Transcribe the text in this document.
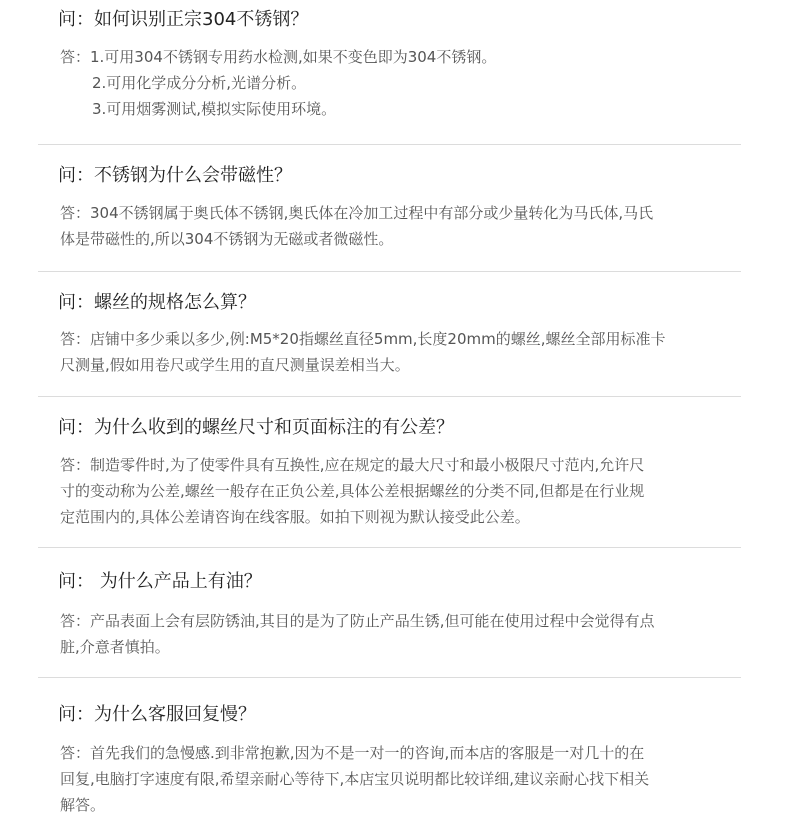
问：如何识别正宗304不锈钢？
答：1.可用304不锈钢专用药水检测,如果不变色即为304不锈钢。
2.可用化学成分分析,光谱分析。
3.可用烟雾测试,模拟实际使用环境。
问：不锈钢为什么会带磁性？
答：304不锈钢属于奥氏体不锈钢,奥氏体在冷加工过程中有部分或少量转化为马氏体,马氏
体是带磁性的,所以304不锈钢为无磁或者微磁性。
问：螺丝的规格怎么算？
答：店铺中多少乘以多少,例:M5*20指螺丝直径5mm,长度20mm的螺丝,螺丝全部用标准卡
尺测量,假如用卷尺或学生用的直尺测量误差相当大。
问：为什么收到的螺丝尺寸和页面标注的有公差？
答：制造零件时,为了使零件具有互换性,应在规定的最大尺寸和最小极限尺寸范内,允许尺
寸的变动称为公差,螺丝一般存在正负公差,具体公差根据螺丝的分类不同,但都是在行业规
定范围内的,具体公差请咨询在线客服。如拍下则视为默认接受此公差。
问： 为什么产品上有油？
答：产品表面上会有层防锈油,其目的是为了防止产品生锈,但可能在使用过程中会觉得有点
脏,介意者慎拍。
问：为什么客服回复慢？
答：首先我们的急慢感.到非常抱歉,因为不是一对一的咨询,而本店的客服是一对几十的在
回复,电脑打字速度有限,希望亲耐心等待下,本店宝贝说明都比较详细,建议亲耐心找下相关
解答。
